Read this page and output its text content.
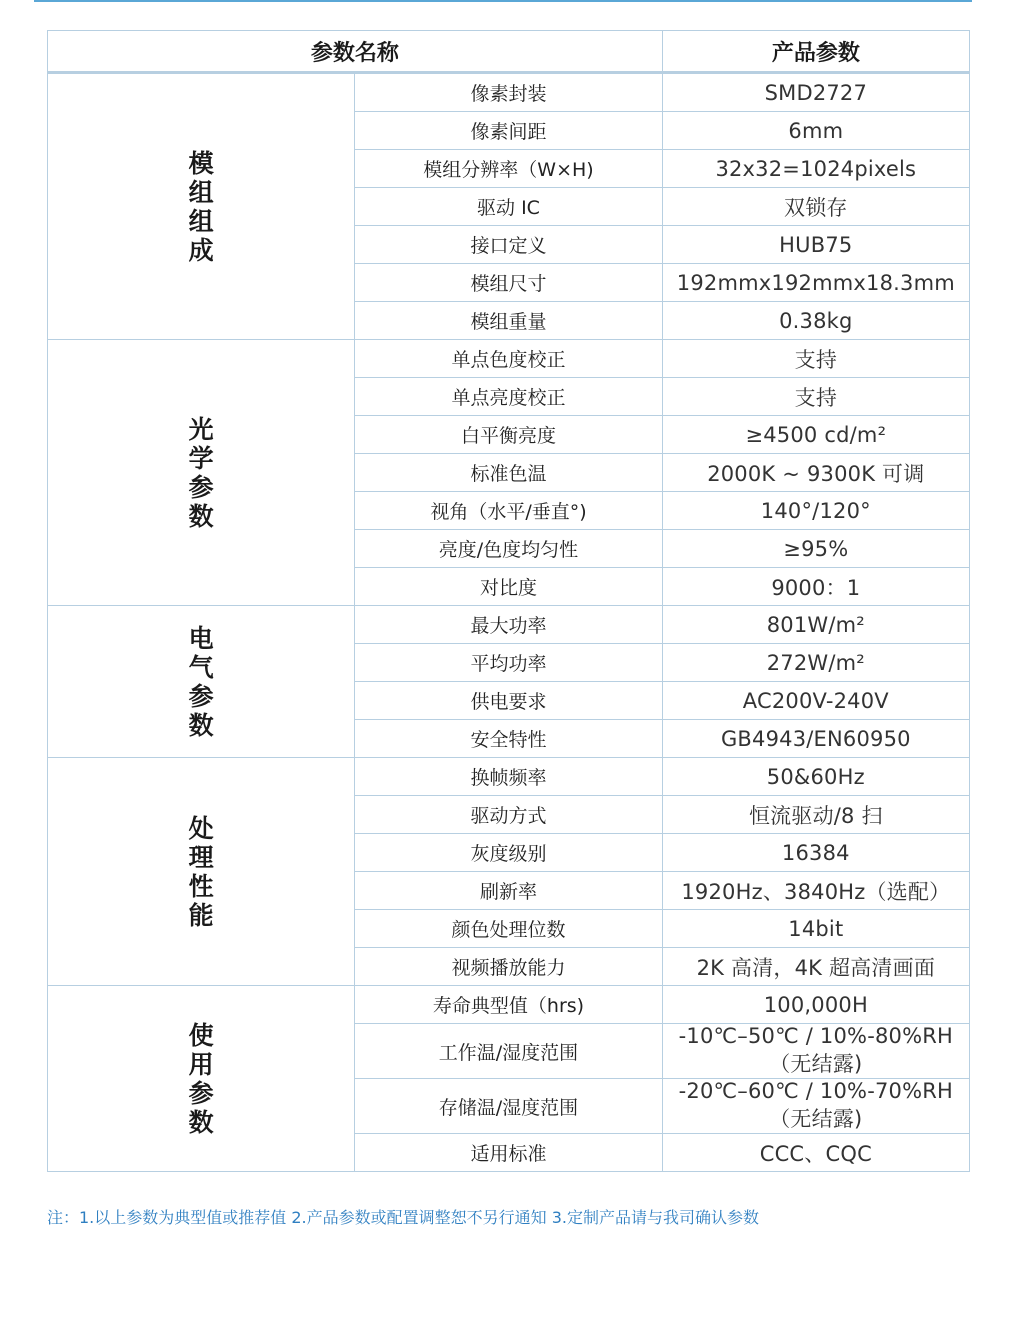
参数名称		产品参数
模组组成	像素封装	SMD2727
	像素间距	6mm
	模组分辨率（W×H)	32x32=1024pixels
	驱动 IC	双锁存
	接口定义	HUB75
	模组尺寸	192mmx192mmx18.3mm
	模组重量	0.38kg
光学参数	单点色度校正	支持
	单点亮度校正	支持
	白平衡亮度	≥4500 cd/m²
	标准色温	2000K ~ 9300K 可调
	视角（水平/垂直°)	140°/120°
	亮度/色度均匀性	≥95%
	对比度	9000：1
电气参数	最大功率	801W/m²
	平均功率	272W/m²
	供电要求	AC200V-240V
	安全特性	GB4943/EN60950
处理性能	换帧频率	50&60Hz
	驱动方式	恒流驱动/8 扫
	灰度级别	16384
	刷新率	1920Hz、3840Hz（选配）
	颜色处理位数	14bit
	视频播放能力	2K 高清，4K 超高清画面
使用参数	寿命典型值（hrs)	100,000H
	工作温/湿度范围	-10℃–50℃ / 10%-80%RH（无结露)
	存储温/湿度范围	-20℃–60℃ / 10%-70%RH（无结露)
	适用标准	CCC、CQC
注：1.以上参数为典型值或推荐值 2.产品参数或配置调整恕不另行通知 3.定制产品请与我司确认参数
